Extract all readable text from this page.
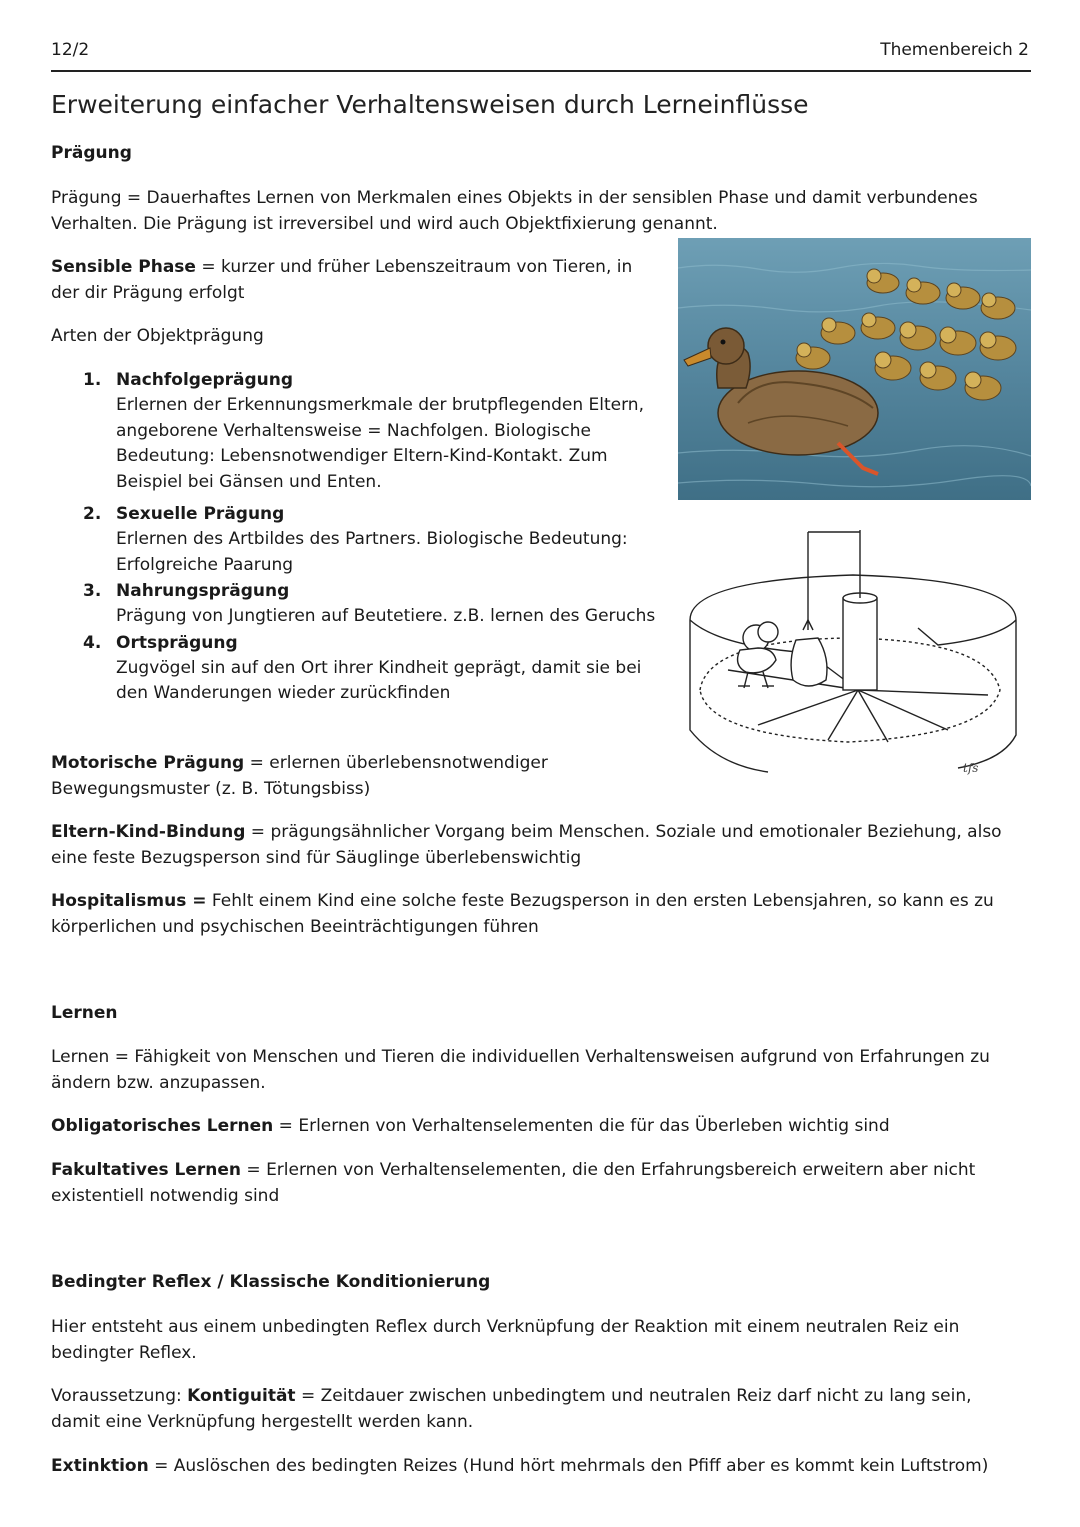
12/2	Themenbereich 2
Erweiterung einfacher Verhaltensweisen durch Lerneinflüsse
Prägung
Prägung = Dauerhaftes Lernen von Merkmalen eines Objekts in der sensiblen Phase und damit verbundenes Verhalten. Die Prägung ist irreversibel und wird auch Objektfixierung genannt.
Sensible Phase = kurzer und früher Lebenszeitraum von Tieren, in der dir Prägung erfolgt
Arten der Objektprägung
1. Nachfolgeprägung
Erlernen der Erkennungsmerkmale der brutpflegenden Eltern, angeborene Verhaltensweise = Nachfolgen. Biologische Bedeutung: Lebensnotwendiger Eltern-Kind-Kontakt. Zum Beispiel bei Gänsen und Enten.
2. Sexuelle Prägung
Erlernen des Artbildes des Partners. Biologische Bedeutung: Erfolgreiche Paarung
3. Nahrungsprägung
Prägung von Jungtieren auf Beutetiere. z.B. lernen des Geruchs
4. Ortsprägung
Zugvögel sin auf den Ort ihrer Kindheit geprägt, damit sie bei den Wanderungen wieder zurückfinden
Motorische Prägung = erlernen überlebensnotwendiger Bewegungsmuster (z. B. Tötungsbiss)
Eltern-Kind-Bindung = prägungsähnlicher Vorgang beim Menschen. Soziale und emotionaler Beziehung, also eine feste Bezugsperson sind für Säuglinge überlebenswichtig
Hospitalismus = Fehlt einem Kind eine solche feste Bezugsperson in den ersten Lebensjahren, so kann es zu körperlichen und psychischen Beeinträchtigungen führen
tfs
Lernen
Lernen = Fähigkeit von Menschen und Tieren die individuellen Verhaltensweisen aufgrund von Erfahrungen zu ändern bzw. anzupassen.
Obligatorisches Lernen = Erlernen von Verhaltenselementen die für das Überleben wichtig sind
Fakultatives Lernen = Erlernen von Verhaltenselementen, die den Erfahrungsbereich erweitern aber nicht existentiell notwendig sind
Bedingter Reflex / Klassische Konditionierung
Hier entsteht aus einem unbedingten Reflex durch Verknüpfung der Reaktion mit einem neutralen Reiz ein bedingter Reflex.
Voraussetzung: Kontiguität = Zeitdauer zwischen unbedingtem und neutralen Reiz darf nicht zu lang sein, damit eine Verknüpfung hergestellt werden kann.
Extinktion = Auslöschen des bedingten Reizes (Hund hört mehrmals den Pfiff aber es kommt kein Luftstrom)
